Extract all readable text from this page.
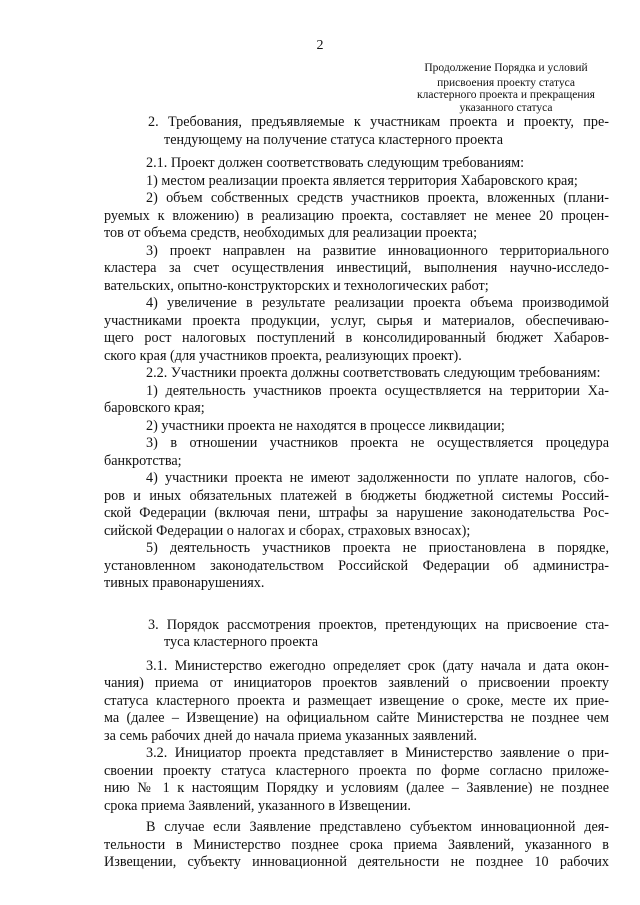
2
Продолжение Порядка и условий
присвоения проекту статуса
кластерного проекта и прекращения
указанного статуса
2. Требования, предъявляемые к участникам проекта и проекту, пре-
тендующему на получение статуса кластерного проекта
2.1. Проект должен соответствовать следующим требованиям:
1) местом реализации проекта является территория Хабаровского края;
2) объем собственных средств участников проекта, вложенных (плани-
руемых к вложению) в реализацию проекта, составляет не менее 20 процен-
тов от объема средств, необходимых для реализации проекта;
3) проект направлен на развитие инновационного территориального
кластера за счет осуществления инвестиций, выполнения научно-исследо-
вательских, опытно-конструкторских и технологических работ;
4) увеличение в результате реализации проекта объема производимой
участниками проекта продукции, услуг, сырья и материалов, обеспечиваю-
щего рост налоговых поступлений в консолидированный бюджет Хабаров-
ского края (для участников проекта, реализующих проект).
2.2. Участники проекта должны соответствовать следующим требованиям:
1) деятельность участников проекта осуществляется на территории Ха-
баровского края;
2) участники проекта не находятся в процессе ликвидации;
3) в отношении участников проекта не осуществляется процедура
банкротства;
4) участники проекта не имеют задолженности по уплате налогов, сбо-
ров и иных обязательных платежей в бюджеты бюджетной системы Россий-
ской Федерации (включая пени, штрафы за нарушение законодательства Рос-
сийской Федерации о налогах и сборах, страховых взносах);
5) деятельность участников проекта не приостановлена в порядке,
установленном законодательством Российской Федерации об администра-
тивных правонарушениях.
3. Порядок рассмотрения проектов, претендующих на присвоение ста-
туса кластерного проекта
3.1. Министерство ежегодно определяет срок (дату начала и дата окон-
чания) приема от инициаторов проектов заявлений о присвоении проекту
статуса кластерного проекта и размещает извещение о сроке, месте их прие-
ма (далее – Извещение) на официальном сайте Министерства не позднее чем
за семь рабочих дней до начала приема указанных заявлений.
3.2. Инициатор проекта представляет в Министерство заявление о при-
своении проекту статуса кластерного проекта по форме согласно приложе-
нию № 1 к настоящим Порядку и условиям (далее – Заявление) не позднее
срока приема Заявлений, указанного в Извещении.
В случае если Заявление представлено субъектом инновационной дея-
тельности в Министерство позднее срока приема Заявлений, указанного в
Извещении, субъекту инновационной деятельности не позднее 10 рабочих
